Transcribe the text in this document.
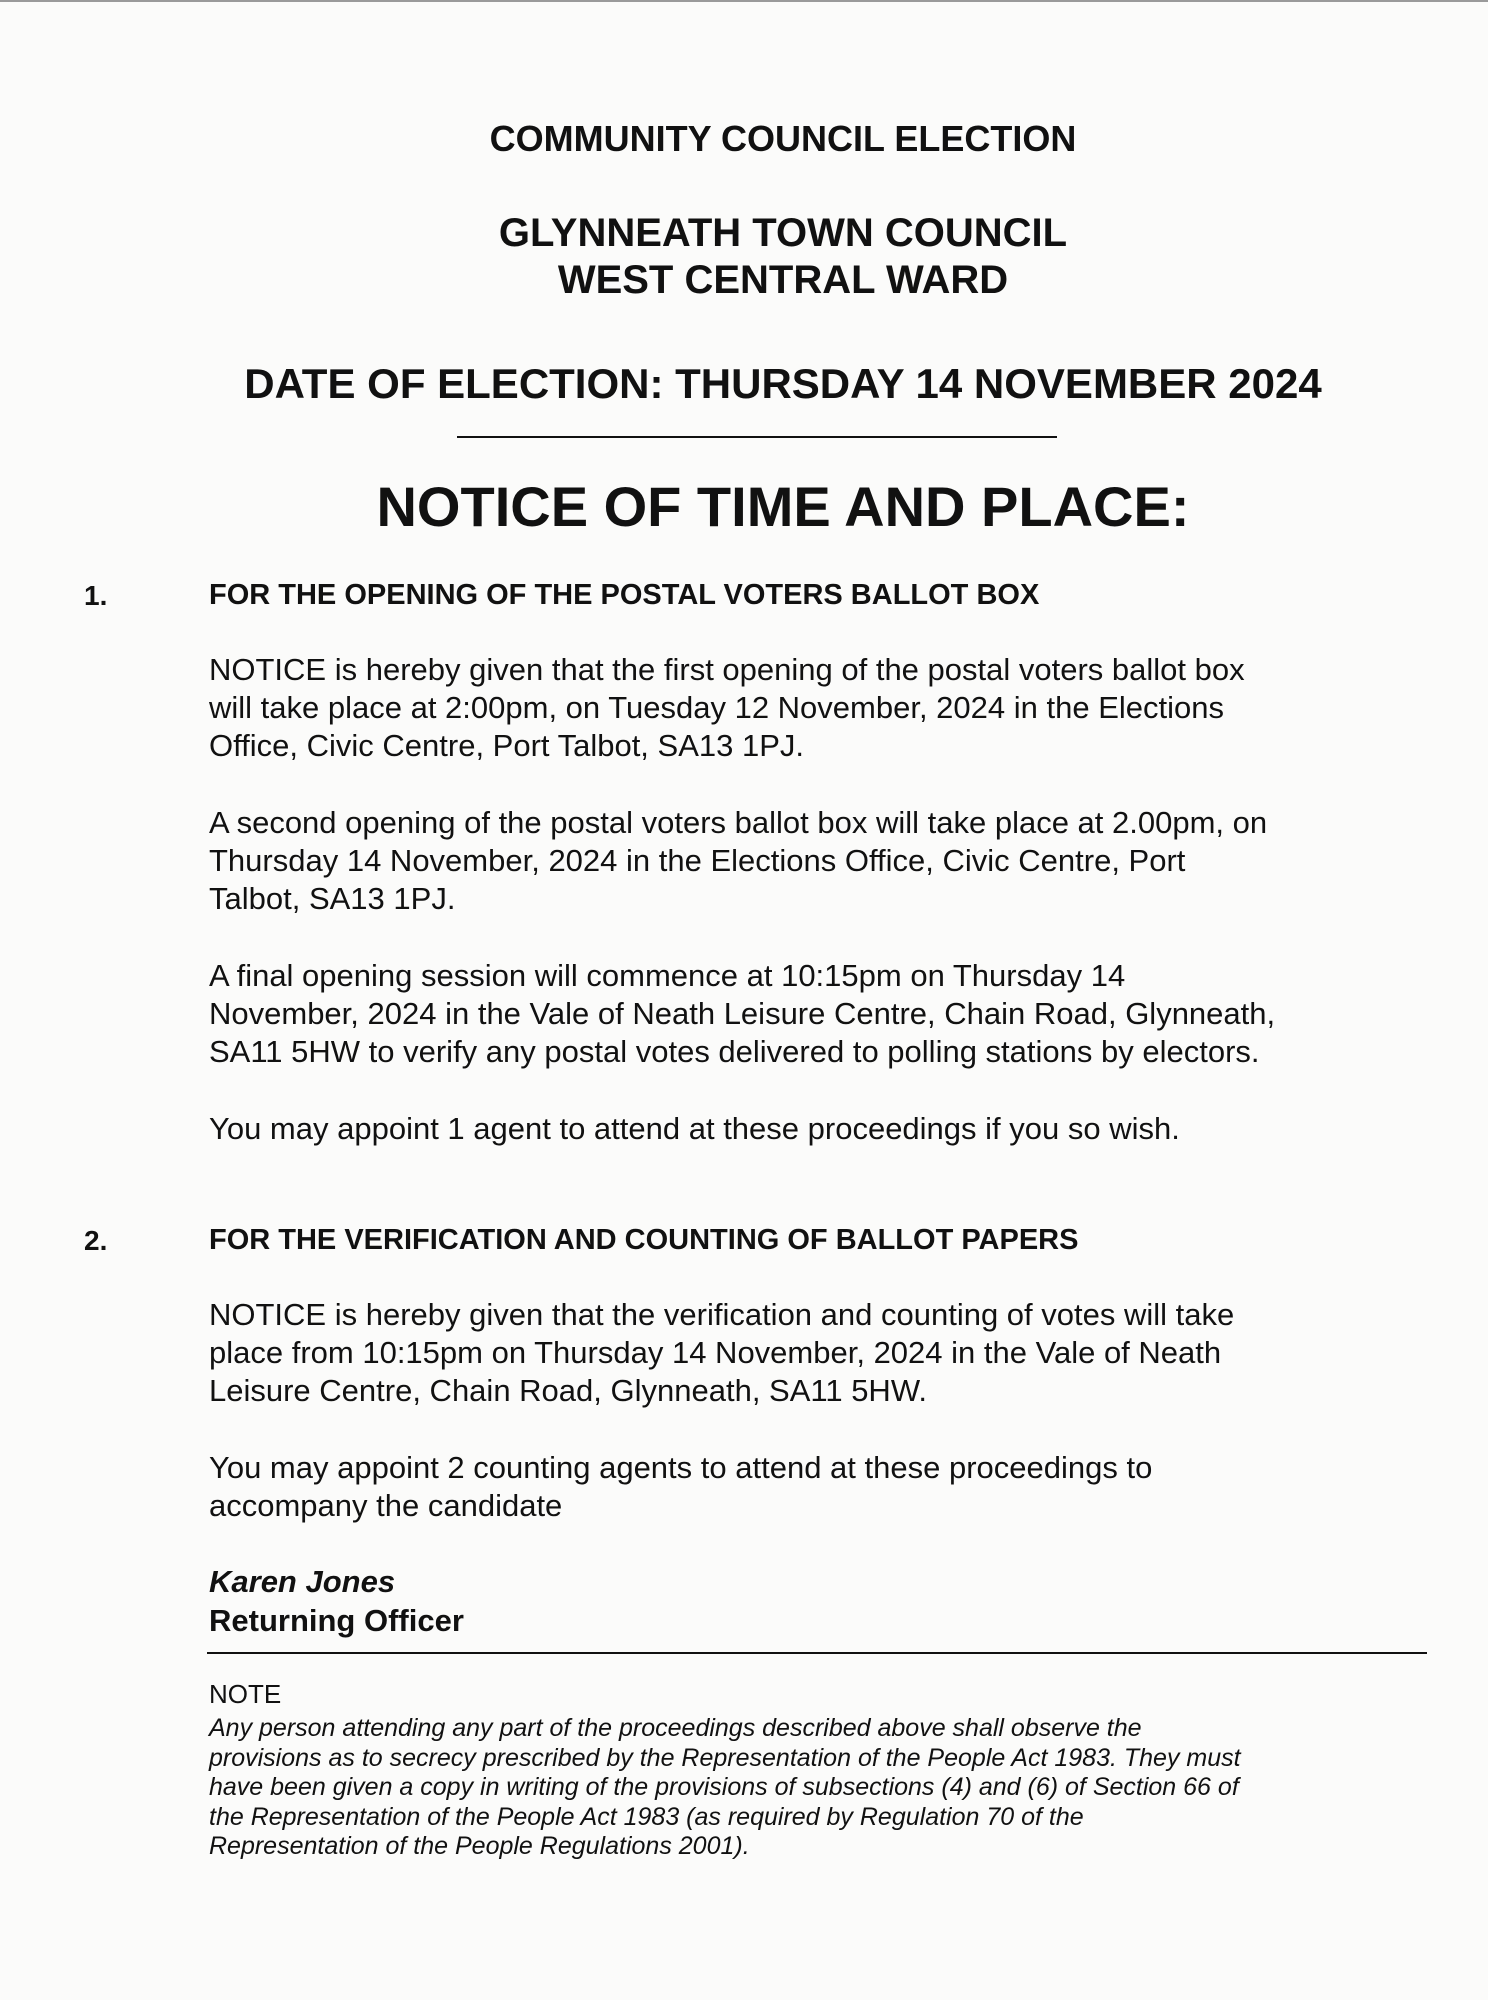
COMMUNITY COUNCIL ELECTION
GLYNNEATH TOWN COUNCIL
WEST CENTRAL WARD
DATE OF ELECTION: THURSDAY 14 NOVEMBER 2024
NOTICE OF TIME AND PLACE:
1.	FOR THE OPENING OF THE POSTAL VOTERS BALLOT BOX
NOTICE is hereby given that the first opening of the postal voters ballot box
will take place at 2:00pm, on Tuesday 12 November, 2024 in the Elections
Office, Civic Centre, Port Talbot, SA13 1PJ.
A second opening of the postal voters ballot box will take place at 2.00pm, on
Thursday 14 November, 2024 in the Elections Office, Civic Centre, Port
Talbot, SA13 1PJ.
A final opening session will commence at 10:15pm on Thursday 14
November, 2024 in the Vale of Neath Leisure Centre, Chain Road, Glynneath,
SA11 5HW to verify any postal votes delivered to polling stations by electors.
You may appoint 1 agent to attend at these proceedings if you so wish.
2.	FOR THE VERIFICATION AND COUNTING OF BALLOT PAPERS
NOTICE is hereby given that the verification and counting of votes will take
place from 10:15pm on Thursday 14 November, 2024 in the Vale of Neath
Leisure Centre, Chain Road, Glynneath, SA11 5HW.
You may appoint 2 counting agents to attend at these proceedings to
accompany the candidate
Karen Jones
Returning Officer
NOTE
Any person attending any part of the proceedings described above shall observe the
provisions as to secrecy prescribed by the Representation of the People Act 1983. They must
have been given a copy in writing of the provisions of subsections (4) and (6) of Section 66 of
the Representation of the People Act 1983 (as required by Regulation 70 of the
Representation of the People Regulations 2001).
